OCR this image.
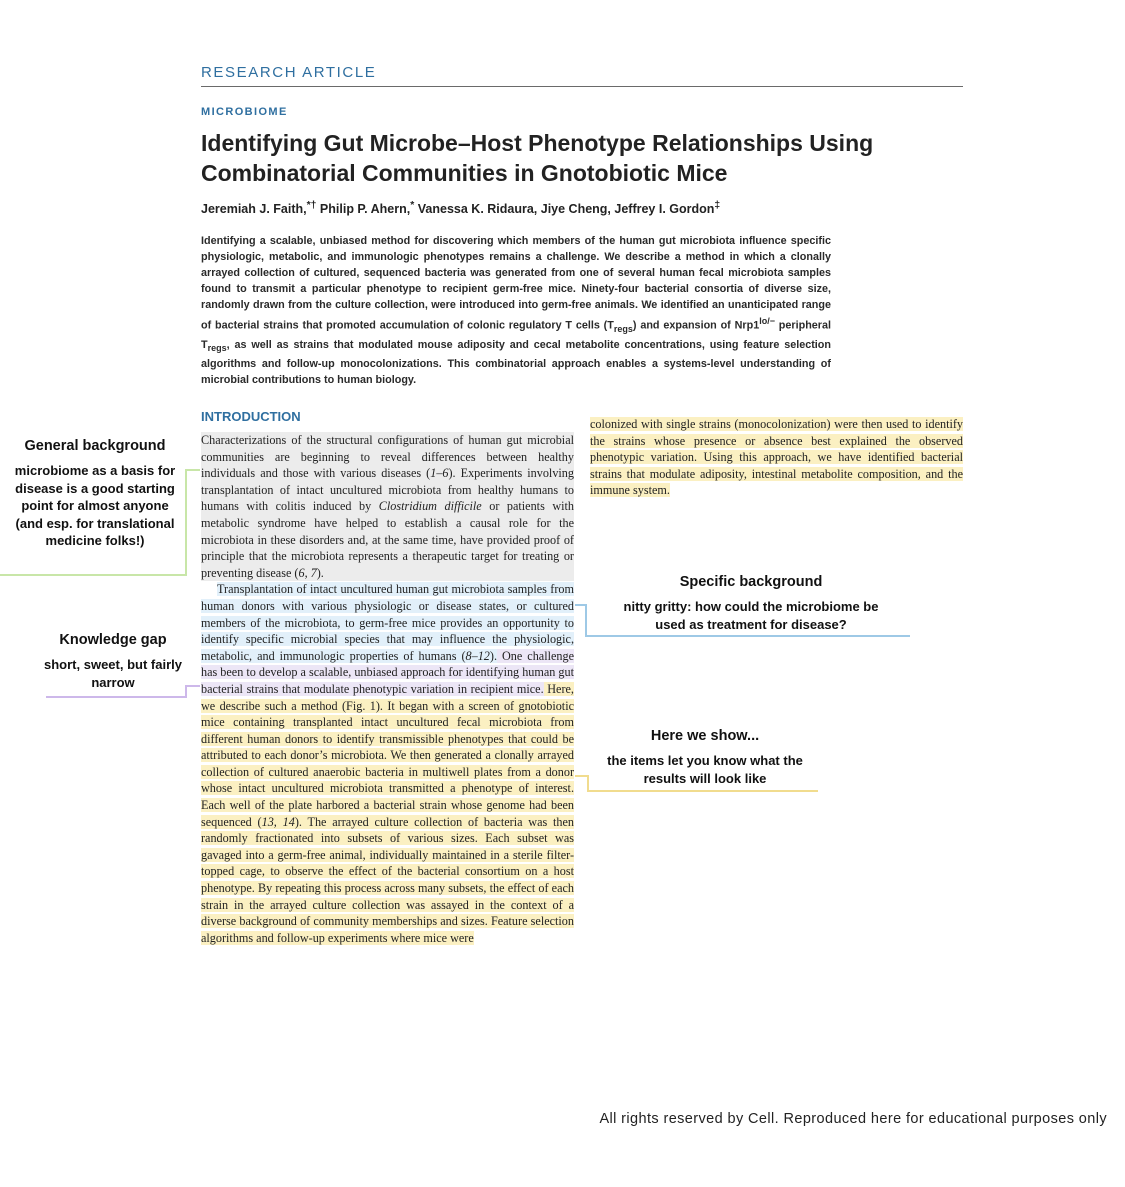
RESEARCH ARTICLE
MICROBIOME
Identifying Gut Microbe–Host Phenotype Relationships Using Combinatorial Communities in Gnotobiotic Mice
Jeremiah J. Faith,*† Philip P. Ahern,* Vanessa K. Ridaura, Jiye Cheng, Jeffrey I. Gordon‡
Identifying a scalable, unbiased method for discovering which members of the human gut microbiota influence specific physiologic, metabolic, and immunologic phenotypes remains a challenge. We describe a method in which a clonally arrayed collection of cultured, sequenced bacteria was generated from one of several human fecal microbiota samples found to transmit a particular phenotype to recipient germ-free mice. Ninety-four bacterial consortia of diverse size, randomly drawn from the culture collection, were introduced into germ-free animals. We identified an unanticipated range of bacterial strains that promoted accumulation of colonic regulatory T cells $(T_{regs})$ and expansion of $Nrp1^{lo/-}$ peripheral $T_{regs}$, as well as strains that modulated mouse adiposity and cecal metabolite concentrations, using feature selection algorithms and follow-up monocolonizations. This combinatorial approach enables a systems-level understanding of microbial contributions to human biology.
INTRODUCTION
Characterizations of the structural configurations of human gut microbial communities are beginning to reveal differences between healthy individuals and those with various diseases (1–6). Experiments involving transplantation of intact uncultured microbiota from healthy humans to humans with colitis induced by Clostridium difficile or patients with metabolic syndrome have helped to establish a causal role for the microbiota in these disorders and, at the same time, have provided proof of principle that the microbiota represents a therapeutic target for treating or preventing disease (6, 7).
Transplantation of intact uncultured human gut microbiota samples from human donors with various physiologic or disease states, or cultured members of the microbiota, to germ-free mice provides an opportunity to identify specific microbial species that may influence the physiologic, metabolic, and immunologic properties of humans (8–12). One challenge has been to develop a scalable, unbiased approach for identifying human gut bacterial strains that modulate phenotypic variation in recipient mice. Here, we describe such a method (Fig. 1). It began with a screen of gnotobiotic mice containing transplanted intact uncultured fecal microbiota from different human donors to identify transmissible phenotypes that could be attributed to each donor’s microbiota. We then generated a clonally arrayed collection of cultured anaerobic bacteria in multiwell plates from a donor whose intact uncultured microbiota transmitted a phenotype of interest. Each well of the plate harbored a bacterial strain whose genome had been sequenced (13, 14). The arrayed culture collection of bacteria was then randomly fractionated into subsets of various sizes. Each subset was gavaged into a germ-free animal, individually maintained in a sterile filter-topped cage, to observe the effect of the bacterial consortium on a host phenotype. By repeating this process across many subsets, the effect of each strain in the arrayed culture collection was assayed in the context of a diverse background of community memberships and sizes. Feature selection algorithms and follow-up experiments where mice were
colonized with single strains (monocolonization) were then used to identify the strains whose presence or absence best explained the observed phenotypic variation. Using this approach, we have identified bacterial strains that modulate adiposity, intestinal metabolite composition, and the immune system.
General background
microbiome as a basis for disease is a good starting point for almost anyone (and esp. for translational medicine folks!)
Knowledge gap
short, sweet, but fairly narrow
Specific background
nitty gritty: how could the microbiome be used as treatment for disease?
Here we show...
the items let you know what the results will look like
All rights reserved by Cell. Reproduced here for educational purposes only
